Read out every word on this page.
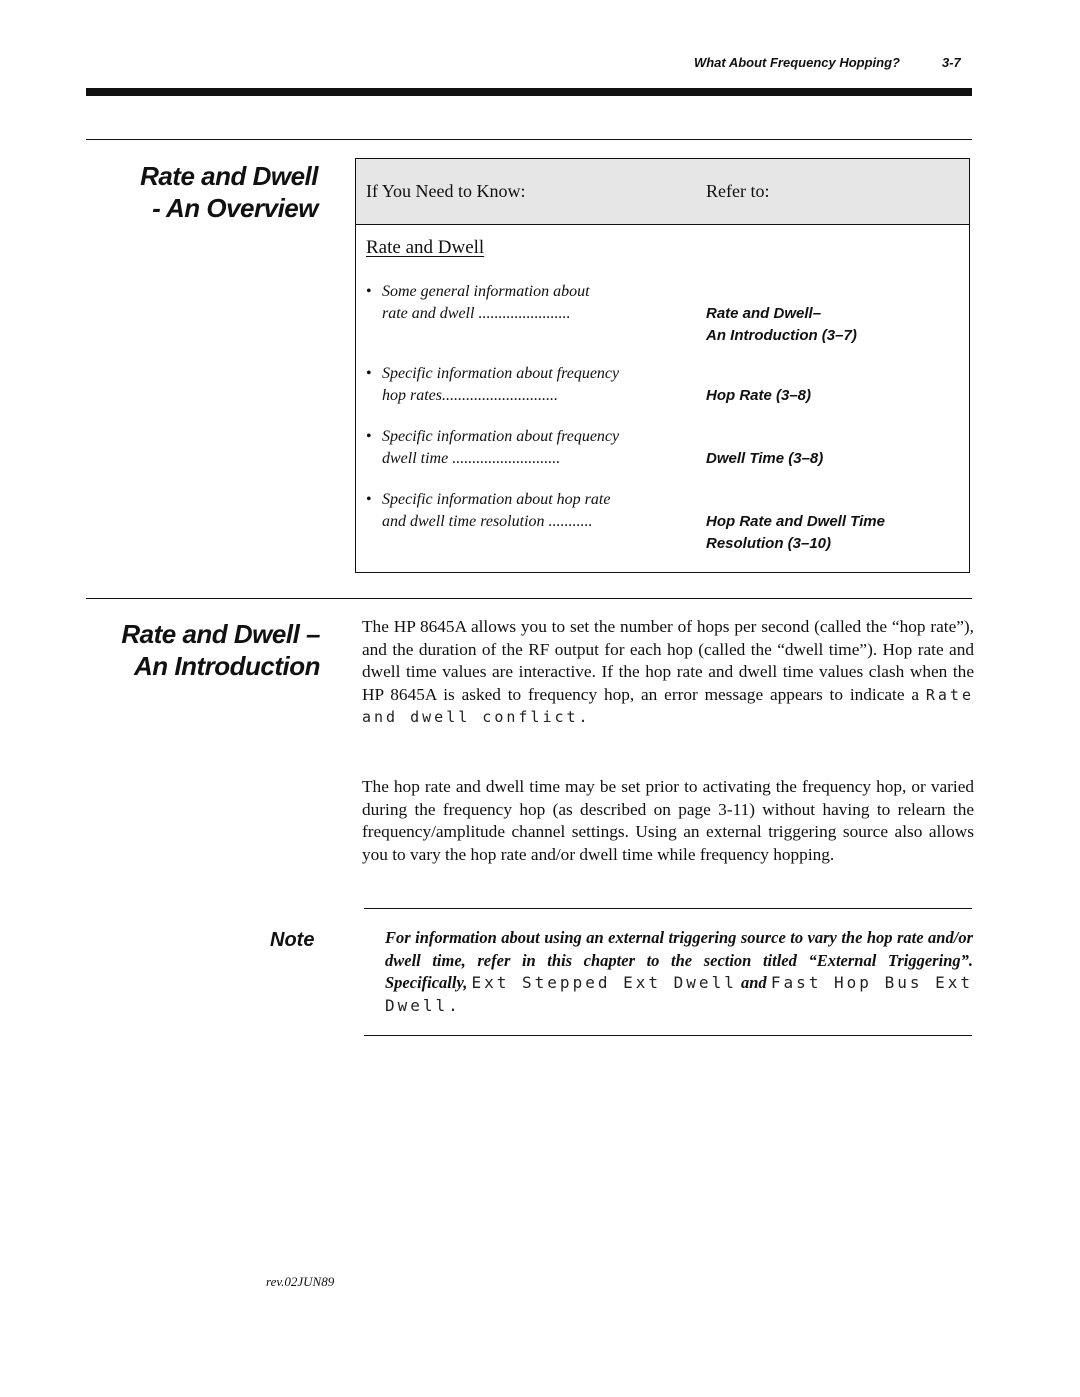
What About Frequency Hopping?	3-7
Rate and Dwell
- An Overview
If You Need to Know:	Refer to:
Rate and Dwell
• Some general information about
rate and dwell .......................	Rate and Dwell–
An Introduction (3–7)
• Specific information about frequency
hop rates.............................	Hop Rate (3–8)
• Specific information about frequency
dwell time ...........................	Dwell Time (3–8)
• Specific information about hop rate
and dwell time resolution ...........	Hop Rate and Dwell Time
Resolution (3–10)
Rate and Dwell –
An Introduction
The HP 8645A allows you to set the number of hops per second (called the “hop rate”), and the duration of the RF output for each hop (called the “dwell time”). Hop rate and dwell time values are interactive. If the hop rate and dwell time values clash when the HP 8645A is asked to frequency hop, an error message appears to indicate a Rate and dwell conflict.
The hop rate and dwell time may be set prior to activating the frequency hop, or varied during the frequency hop (as described on page 3-11) without having to relearn the frequency/amplitude channel settings. Using an external triggering source also allows you to vary the hop rate and/or dwell time while frequency hopping.
Note	For information about using an external triggering source to vary the hop rate and/or dwell time, refer in this chapter to the section titled “External Triggering”. Specifically, Ext Stepped Ext Dwell and Fast Hop Bus Ext Dwell.
rev.02JUN89
